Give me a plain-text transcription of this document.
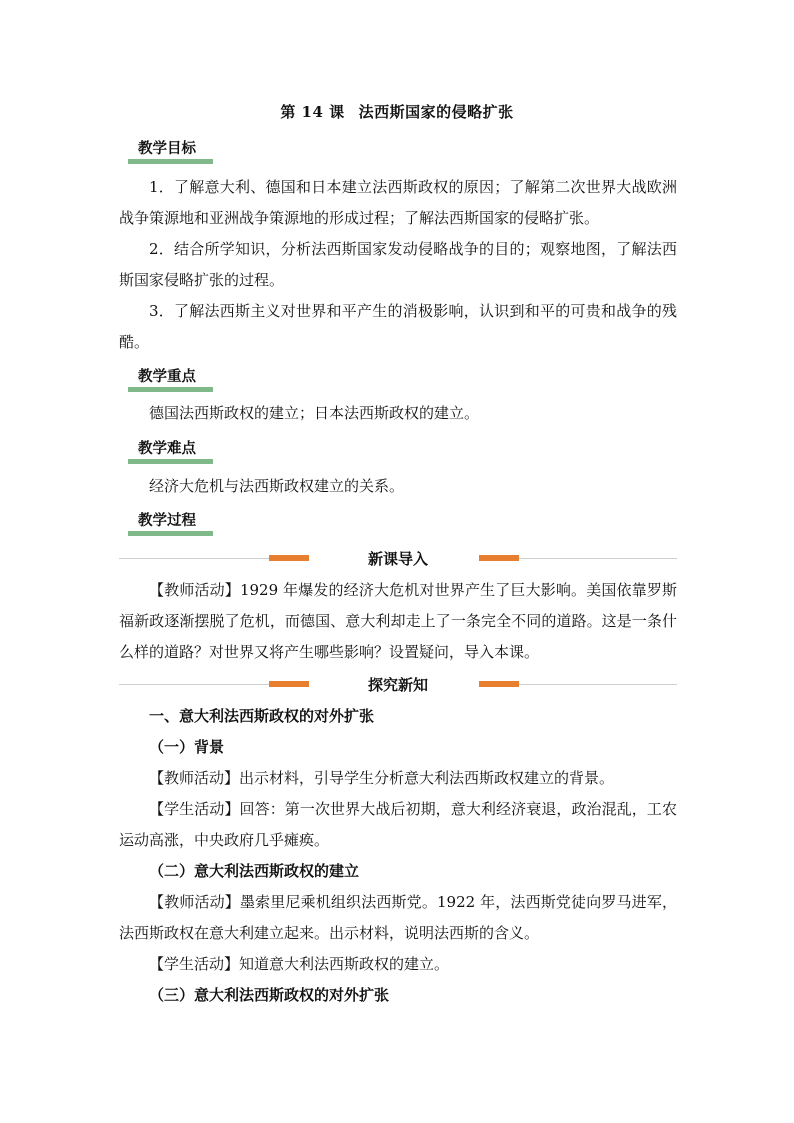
第 14 课 法西斯国家的侵略扩张
教学目标
1．了解意大利、德国和日本建立法西斯政权的原因；了解第二次世界大战欧洲战争策源地和亚洲战争策源地的形成过程；了解法西斯国家的侵略扩张。
2．结合所学知识，分析法西斯国家发动侵略战争的目的；观察地图，了解法西斯国家侵略扩张的过程。
3．了解法西斯主义对世界和平产生的消极影响，认识到和平的可贵和战争的残酷。
教学重点
德国法西斯政权的建立；日本法西斯政权的建立。
教学难点
经济大危机与法西斯政权建立的关系。
教学过程
新课导入
【教师活动】1929 年爆发的经济大危机对世界产生了巨大影响。美国依靠罗斯福新政逐渐摆脱了危机，而德国、意大利却走上了一条完全不同的道路。这是一条什么样的道路？对世界又将产生哪些影响？设置疑问，导入本课。
探究新知
一、意大利法西斯政权的对外扩张
（一）背景
【教师活动】出示材料，引导学生分析意大利法西斯政权建立的背景。
【学生活动】回答：第一次世界大战后初期，意大利经济衰退，政治混乱，工农运动高涨，中央政府几乎瘫痪。
（二）意大利法西斯政权的建立
【教师活动】墨索里尼乘机组织法西斯党。1922 年，法西斯党徒向罗马进军，法西斯政权在意大利建立起来。出示材料，说明法西斯的含义。
【学生活动】知道意大利法西斯政权的建立。
（三）意大利法西斯政权的对外扩张
